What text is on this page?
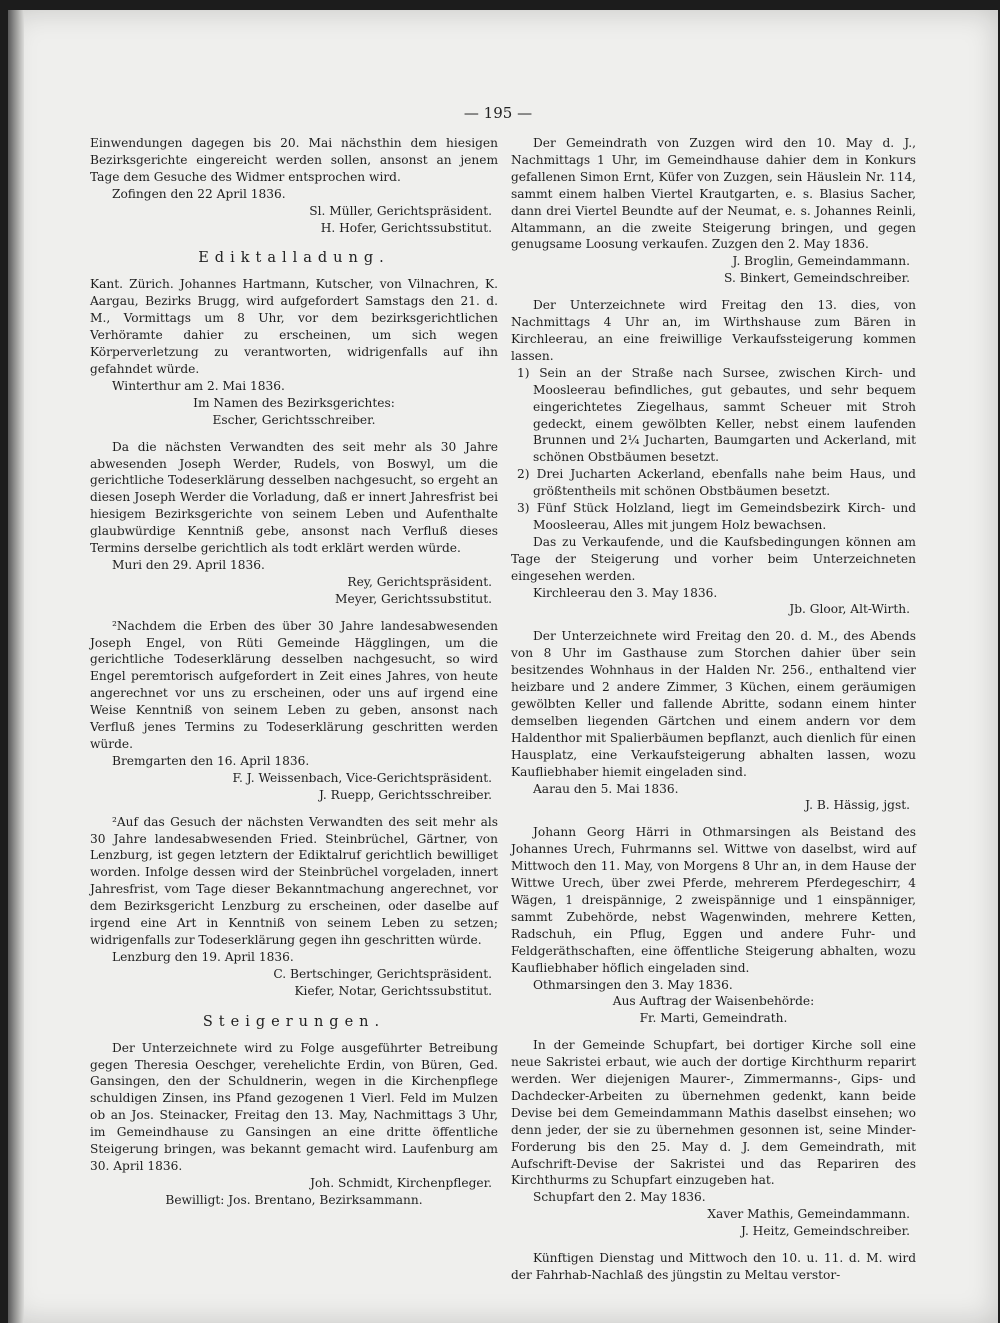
— 195 —

Einwendungen dagegen bis 20. Mai nächsthin dem hiesigen Bezirksgerichte eingereicht werden sollen, ansonst an jenem Tage dem Gesuche des Widmer entsprochen wird.

Zofingen den 22 April 1836.

Sl. Müller, Gerichtspräsident.

H. Hofer, Gerichtssubstitut.

Ediktalladung.

Kant. Zürich. Johannes Hartmann, Kutscher, von Vilnachren, K. Aargau, Bezirks Brugg, wird aufgefordert Samstags den 21. d. M., Vormittags um 8 Uhr, vor dem bezirksgerichtlichen Verhöramte dahier zu erscheinen, um sich wegen Körperverletzung zu verantworten, widrigenfalls auf ihn gefahndet würde.

Winterthur am 2. Mai 1836.

Im Namen des Bezirksgerichtes:

Escher, Gerichtsschreiber.

Da die nächsten Verwandten des seit mehr als 30 Jahre abwesenden Joseph Werder, Rudels, von Boswyl, um die gerichtliche Todeserklärung desselben nachgesucht, so ergeht an diesen Joseph Werder die Vorladung, daß er innert Jahresfrist bei hiesigem Bezirksgerichte von seinem Leben und Aufenthalte glaubwürdige Kenntniß gebe, ansonst nach Verfluß dieses Termins derselbe gerichtlich als todt erklärt werden würde.

Muri den 29. April 1836.

Rey, Gerichtspräsident.

Meyer, Gerichtssubstitut.

²Nachdem die Erben des über 30 Jahre landesabwesenden Joseph Engel, von Rüti Gemeinde Hägglingen, um die gerichtliche Todeserklärung desselben nachgesucht, so wird Engel peremtorisch aufgefordert in Zeit eines Jahres, von heute angerechnet vor uns zu erscheinen, oder uns auf irgend eine Weise Kenntniß von seinem Leben zu geben, ansonst nach Verfluß jenes Termins zu Todeserklärung geschritten werden würde.

Bremgarten den 16. April 1836.

F. J. Weissenbach, Vice-Gerichtspräsident.

J. Ruepp, Gerichtsschreiber.

²Auf das Gesuch der nächsten Verwandten des seit mehr als 30 Jahre landesabwesenden Fried. Steinbrüchel, Gärtner, von Lenzburg, ist gegen letztern der Ediktalruf gerichtlich bewilliget worden. Infolge dessen wird der Steinbrüchel vorgeladen, innert Jahresfrist, vom Tage dieser Bekanntmachung angerechnet, vor dem Bezirksgericht Lenzburg zu erscheinen, oder daselbe auf irgend eine Art in Kenntniß von seinem Leben zu setzen; widrigenfalls zur Todeserklärung gegen ihn geschritten würde.

Lenzburg den 19. April 1836.

C. Bertschinger, Gerichtspräsident.

Kiefer, Notar, Gerichtssubstitut.

Steigerungen.

Der Unterzeichnete wird zu Folge ausgeführter Betreibung gegen Theresia Oeschger, verehelichte Erdin, von Büren, Ged. Gansingen, den der Schuldnerin, wegen in die Kirchenpflege schuldigen Zinsen, ins Pfand gezogenen 1 Vierl. Feld im Mulzen ob an Jos. Steinacker, Freitag den 13. May, Nachmittags 3 Uhr, im Gemeindhause zu Gansingen an eine dritte öffentliche Steigerung bringen, was bekannt gemacht wird. Laufenburg am 30. April 1836.

Joh. Schmidt, Kirchenpfleger.

Bewilligt: Jos. Brentano, Bezirksammann.

Der Gemeindrath von Zuzgen wird den 10. May d. J., Nachmittags 1 Uhr, im Gemeindhause dahier dem in Konkurs gefallenen Simon Ernt, Küfer von Zuzgen, sein Häuslein Nr. 114, sammt einem halben Viertel Krautgarten, e. s. Blasius Sacher, dann drei Viertel Beundte auf der Neumat, e. s. Johannes Reinli, Altammann, an die zweite Steigerung bringen, und gegen genugsame Loosung verkaufen. Zuzgen den 2. May 1836.

J. Broglin, Gemeindammann.

S. Binkert, Gemeindschreiber.

Der Unterzeichnete wird Freitag den 13. dies, von Nachmittags 4 Uhr an, im Wirthshause zum Bären in Kirchleerau, an eine freiwillige Verkaufssteigerung kommen lassen.

1) Sein an der Straße nach Sursee, zwischen Kirch- und Moosleerau befindliches, gut gebautes, und sehr bequem eingerichtetes Ziegelhaus, sammt Scheuer mit Stroh gedeckt, einem gewölbten Keller, nebst einem laufenden Brunnen und 2¼ Jucharten, Baumgarten und Ackerland, mit schönen Obstbäumen besetzt.

2) Drei Jucharten Ackerland, ebenfalls nahe beim Haus, und größtentheils mit schönen Obstbäumen besetzt.

3) Fünf Stück Holzland, liegt im Gemeindsbezirk Kirch- und Moosleerau, Alles mit jungem Holz bewachsen.

Das zu Verkaufende, und die Kaufsbedingungen können am Tage der Steigerung und vorher beim Unterzeichneten eingesehen werden.

Kirchleerau den 3. May 1836.

Jb. Gloor, Alt-Wirth.

Der Unterzeichnete wird Freitag den 20. d. M., des Abends von 8 Uhr im Gasthause zum Storchen dahier über sein besitzendes Wohnhaus in der Halden Nr. 256., enthaltend vier heizbare und 2 andere Zimmer, 3 Küchen, einem geräumigen gewölbten Keller und fallende Abritte, sodann einem hinter demselben liegenden Gärtchen und einem andern vor dem Haldenthor mit Spalierbäumen bepflanzt, auch dienlich für einen Hausplatz, eine Verkaufsteigerung abhalten lassen, wozu Kaufliebhaber hiemit eingeladen sind.

Aarau den 5. Mai 1836.

J. B. Hässig, jgst.

Johann Georg Härri in Othmarsingen als Beistand des Johannes Urech, Fuhrmanns sel. Wittwe von daselbst, wird auf Mittwoch den 11. May, von Morgens 8 Uhr an, in dem Hause der Wittwe Urech, über zwei Pferde, mehrerem Pferdegeschirr, 4 Wägen, 1 dreispännige, 2 zweispännige und 1 einspänniger, sammt Zubehörde, nebst Wagenwinden, mehrere Ketten, Radschuh, ein Pflug, Eggen und andere Fuhr- und Feldgeräthschaften, eine öffentliche Steigerung abhalten, wozu Kaufliebhaber höflich eingeladen sind.

Othmarsingen den 3. May 1836.

Aus Auftrag der Waisenbehörde:

Fr. Marti, Gemeindrath.

In der Gemeinde Schupfart, bei dortiger Kirche soll eine neue Sakristei erbaut, wie auch der dortige Kirchthurm reparirt werden. Wer diejenigen Maurer-, Zimmermanns-, Gips- und Dachdecker-Arbeiten zu übernehmen gedenkt, kann beide Devise bei dem Gemeindammann Mathis daselbst einsehen; wo denn jeder, der sie zu übernehmen gesonnen ist, seine Minder-Forderung bis den 25. May d. J. dem Gemeindrath, mit Aufschrift-Devise der Sakristei und das Repariren des Kirchthurms zu Schupfart einzugeben hat.

Schupfart den 2. May 1836.

Xaver Mathis, Gemeindammann.

J. Heitz, Gemeindschreiber.

Künftigen Dienstag und Mittwoch den 10. u. 11. d. M. wird der Fahrhab-Nachlaß des jüngstin zu Meltau verstor-
